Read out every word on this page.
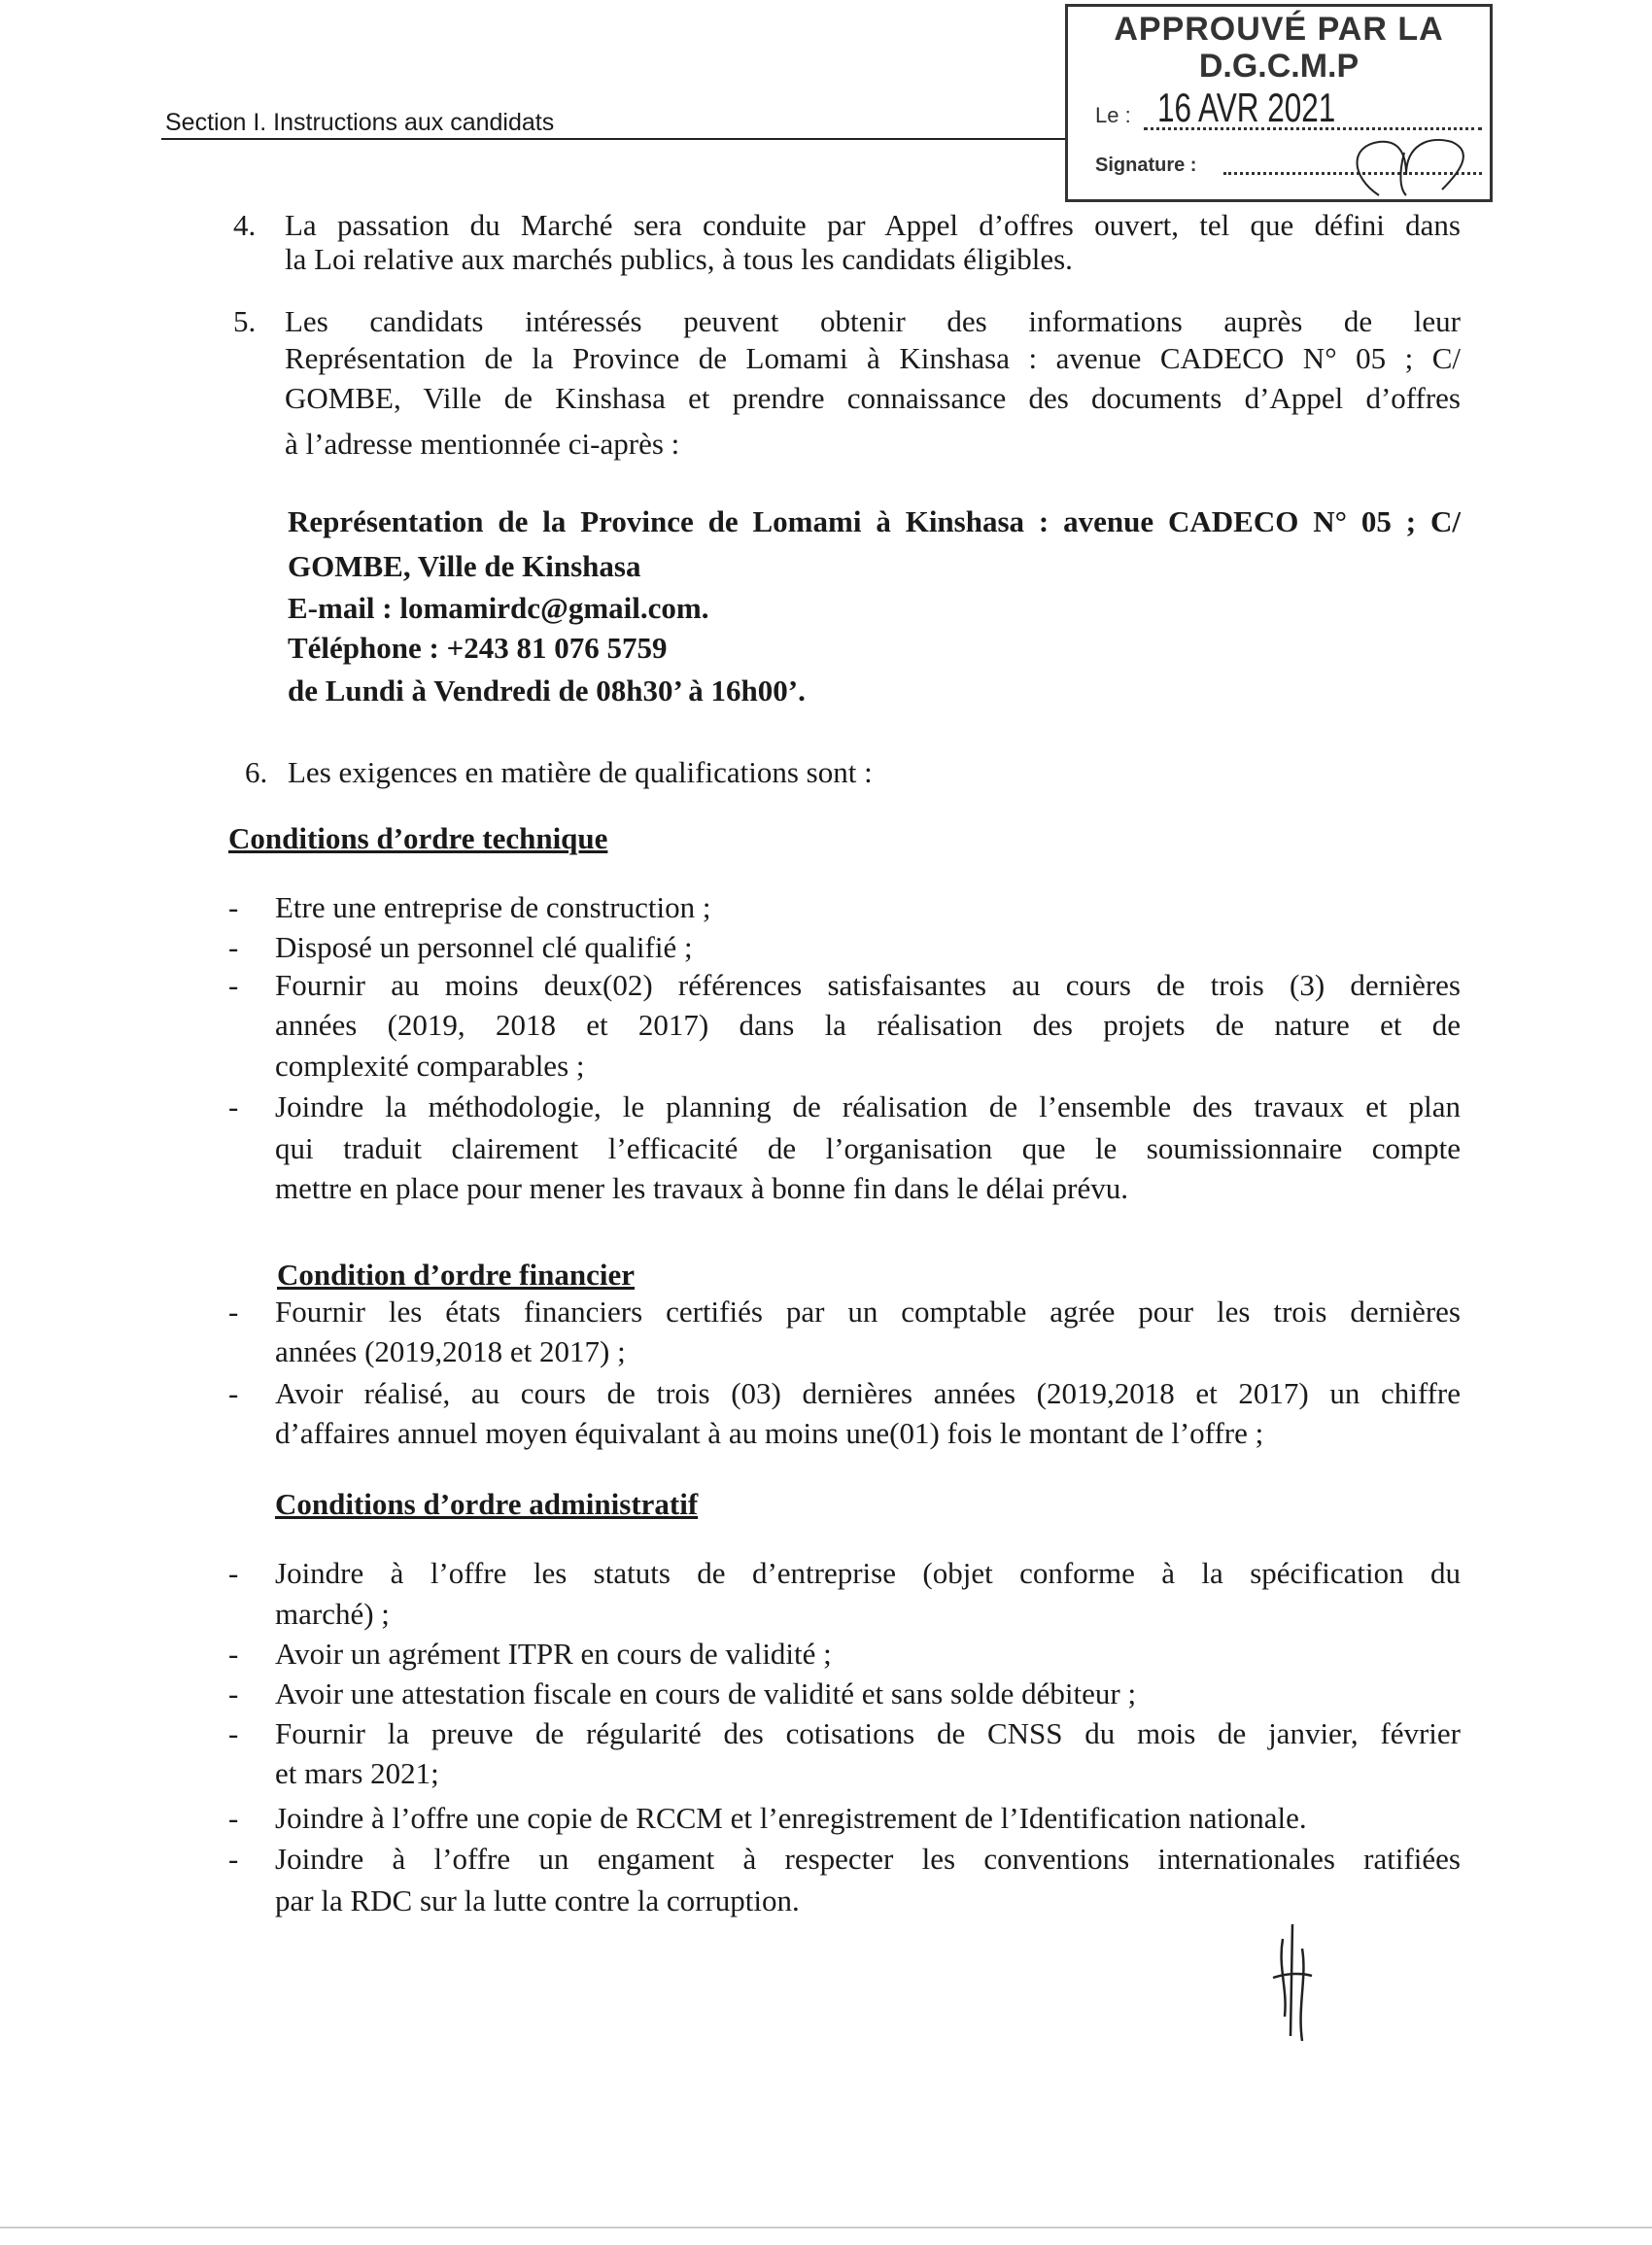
Section I. Instructions aux candidats
4. La passation du Marché sera conduite par Appel d’offres ouvert, tel que défini dans
la Loi relative aux marchés publics, à tous les candidats éligibles.
5. Les candidats intéressés peuvent obtenir des informations auprès de leur
Représentation de la Province de Lomami à Kinshasa : avenue CADECO N° 05 ; C/
GOMBE, Ville de Kinshasa et prendre connaissance des documents d’Appel d’offres
à l’adresse mentionnée ci-après :
Représentation de la Province de Lomami à Kinshasa : avenue CADECO N° 05 ; C/
GOMBE, Ville de Kinshasa
E-mail : lomamirdc@gmail.com.
Téléphone : +243 81 076 5759
de Lundi à Vendredi de 08h30’ à 16h00’.
6. Les exigences en matière de qualifications sont :
Conditions d’ordre technique
- Etre une entreprise de construction ;
- Disposé un personnel clé qualifié ;
- Fournir au moins deux(02) références satisfaisantes au cours de trois (3) dernières
années (2019, 2018 et 2017) dans la réalisation des projets de nature et de
complexité comparables ;
- Joindre la méthodologie, le planning de réalisation de l’ensemble des travaux et plan
qui traduit clairement l’efficacité de l’organisation que le soumissionnaire compte
mettre en place pour mener les travaux à bonne fin dans le délai prévu.
Condition d’ordre financier
- Fournir les états financiers certifiés par un comptable agrée pour les trois dernières
années (2019,2018 et 2017) ;
- Avoir réalisé, au cours de trois (03) dernières années (2019,2018 et 2017) un chiffre
d’affaires annuel moyen équivalant à au moins une(01) fois le montant de l’offre ;
Conditions d’ordre administratif
- Joindre à l’offre les statuts de d’entreprise (objet conforme à la spécification du
marché) ;
- Avoir un agrément ITPR en cours de validité ;
- Avoir une attestation fiscale en cours de validité et sans solde débiteur ;
- Fournir la preuve de régularité des cotisations de CNSS du mois de janvier, février
et mars 2021;
- Joindre à l’offre une copie de RCCM et l’enregistrement de l’Identification nationale.
- Joindre à l’offre un engament à respecter les conventions internationales ratifiées
par la RDC sur la lutte contre la corruption.
APPROUVÉ PAR LA
D.G.C.M.P
Le : 16 AVR 2021
Signature :
